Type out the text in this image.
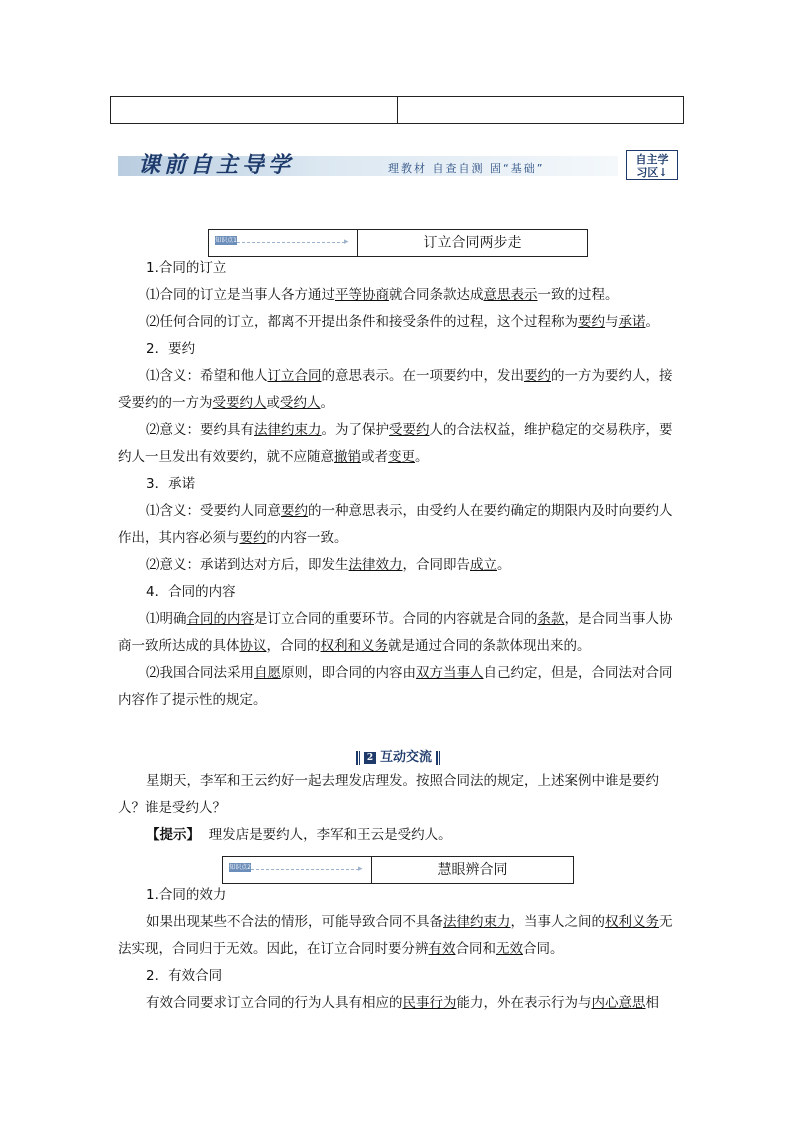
课前自主导学	理教材 自查自测 固“基础”
自主学
习区↓
知识点1	▸	订立合同两步走

1.合同的订立

⑴合同的订立是当事人各方通过平等协商就合同条款达成意思表示一致的过程。

⑵任何合同的订立，都离不开提出条件和接受条件的过程，这个过程称为要约与承诺。

2．要约

⑴含义：希望和他人订立合同的意思表示。在一项要约中，发出要约的一方为要约人，接受要约的一方为受要约人或受约人。

⑵意义：要约具有法律约束力。为了保护受要约人的合法权益，维护稳定的交易秩序，要约人一旦发出有效要约，就不应随意撤销或者变更。

3．承诺

⑴含义：受要约人同意要约的一种意思表示，由受约人在要约确定的期限内及时向要约人作出，其内容必须与要约的内容一致。

⑵意义：承诺到达对方后，即发生法律效力，合同即告成立。

4．合同的内容

⑴明确合同的内容是订立合同的重要环节。合同的内容就是合同的条款，是合同当事人协商一致所达成的具体协议，合同的权利和义务就是通过合同的条款体现出来的。

⑵我国合同法采用自愿原则，即合同的内容由双方当事人自己约定，但是，合同法对合同内容作了提示性的规定。

2 互动交流

星期天，李军和王云约好一起去理发店理发。按照合同法的规定，上述案例中谁是要约人？谁是受约人？

【提示】 理发店是要约人，李军和王云是受约人。

知识点2	▸	慧眼辨合同

1.合同的效力

如果出现某些不合法的情形，可能导致合同不具备法律约束力，当事人之间的权利义务无法实现，合同归于无效。因此，在订立合同时要分辨有效合同和无效合同。

2．有效合同

有效合同要求订立合同的行为人具有相应的民事行为能力，外在表示行为与内心意思相
